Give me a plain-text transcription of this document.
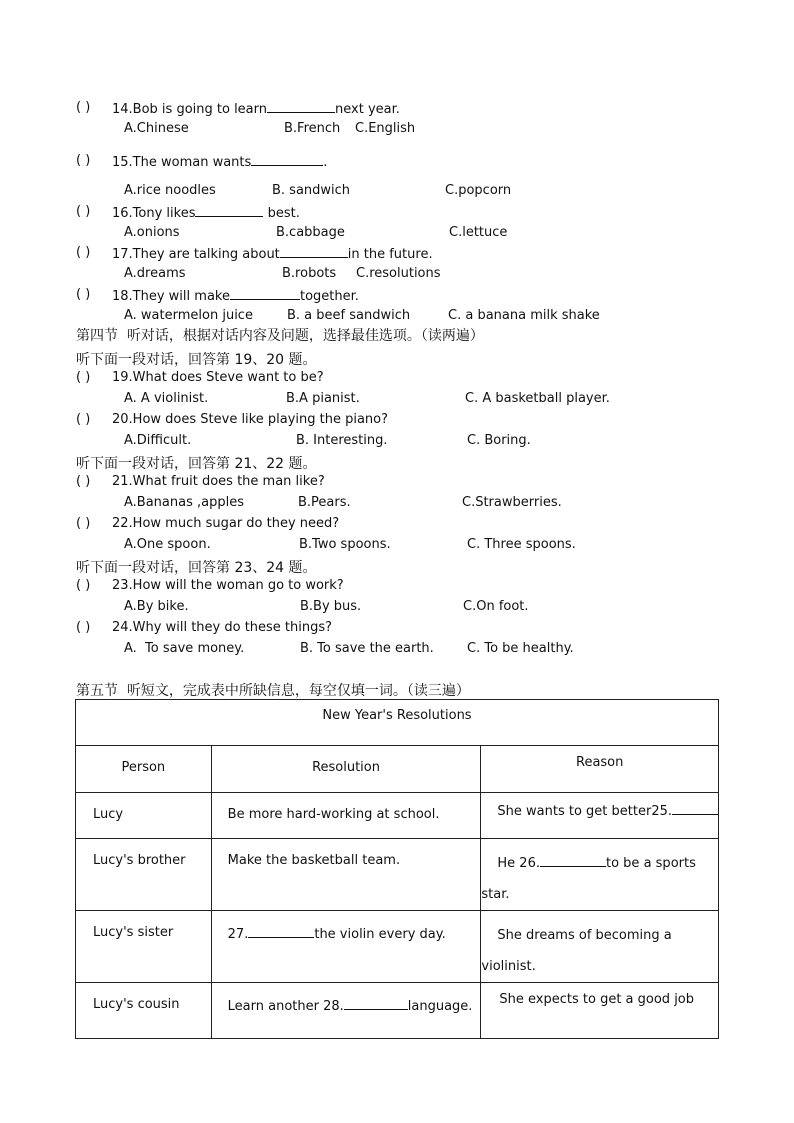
( )	14.Bob is going to learn	next year.
A.Chinese	B.French C.English
( )	15.The woman wants	.
A.rice noodles	B. sandwich	C.popcorn
( )	16.Tony likes	best.
A.onions	B.cabbage	C.lettuce
( )	17.They are talking about	in the future.
A.dreams	B.robots C.resolutions
( )	18.They will make	together.
A. watermelon juice	B. a beef sandwich	C. a banana milk shake
第四节  听对话，根据对话内容及问题，选择最佳选项。（读两遍）
听下面一段对话，回答第 19、20 题。
( )	19.What does Steve want to be?
A. A violinist.	B.A pianist.	C. A basketball player.
( )	20.How does Steve like playing the piano?
A.Difficult.	B. Interesting.	C. Boring.
听下面一段对话，回答第 21、22 题。
( )	21.What fruit does the man like?
A.Bananas ,apples	B.Pears.	C.Strawberries.
( )	22.How much sugar do they need?
A.One spoon.	B.Two spoons.	C. Three spoons.
听下面一段对话，回答第 23、24 题。
( )	23.How will the woman go to work?
A.By bike.	B.By bus.	C.On foot.
( )	24.Why will they do these things?
A.  To save money.	B. To save the earth.	C. To be healthy.
第五节  听短文，完成表中所缺信息，每空仅填一词。（读三遍）
New Year's Resolutions		
Person	Resolution	Reason
Lucy	Be more hard-working at school.	She wants to get better25.
Lucy's brother	Make the basketball team.	He 26. to be a sports star.
Lucy's sister	27. the violin every day.	She dreams of becoming a violinist.
Lucy's cousin	Learn another 28. language.	She expects to get a good job
